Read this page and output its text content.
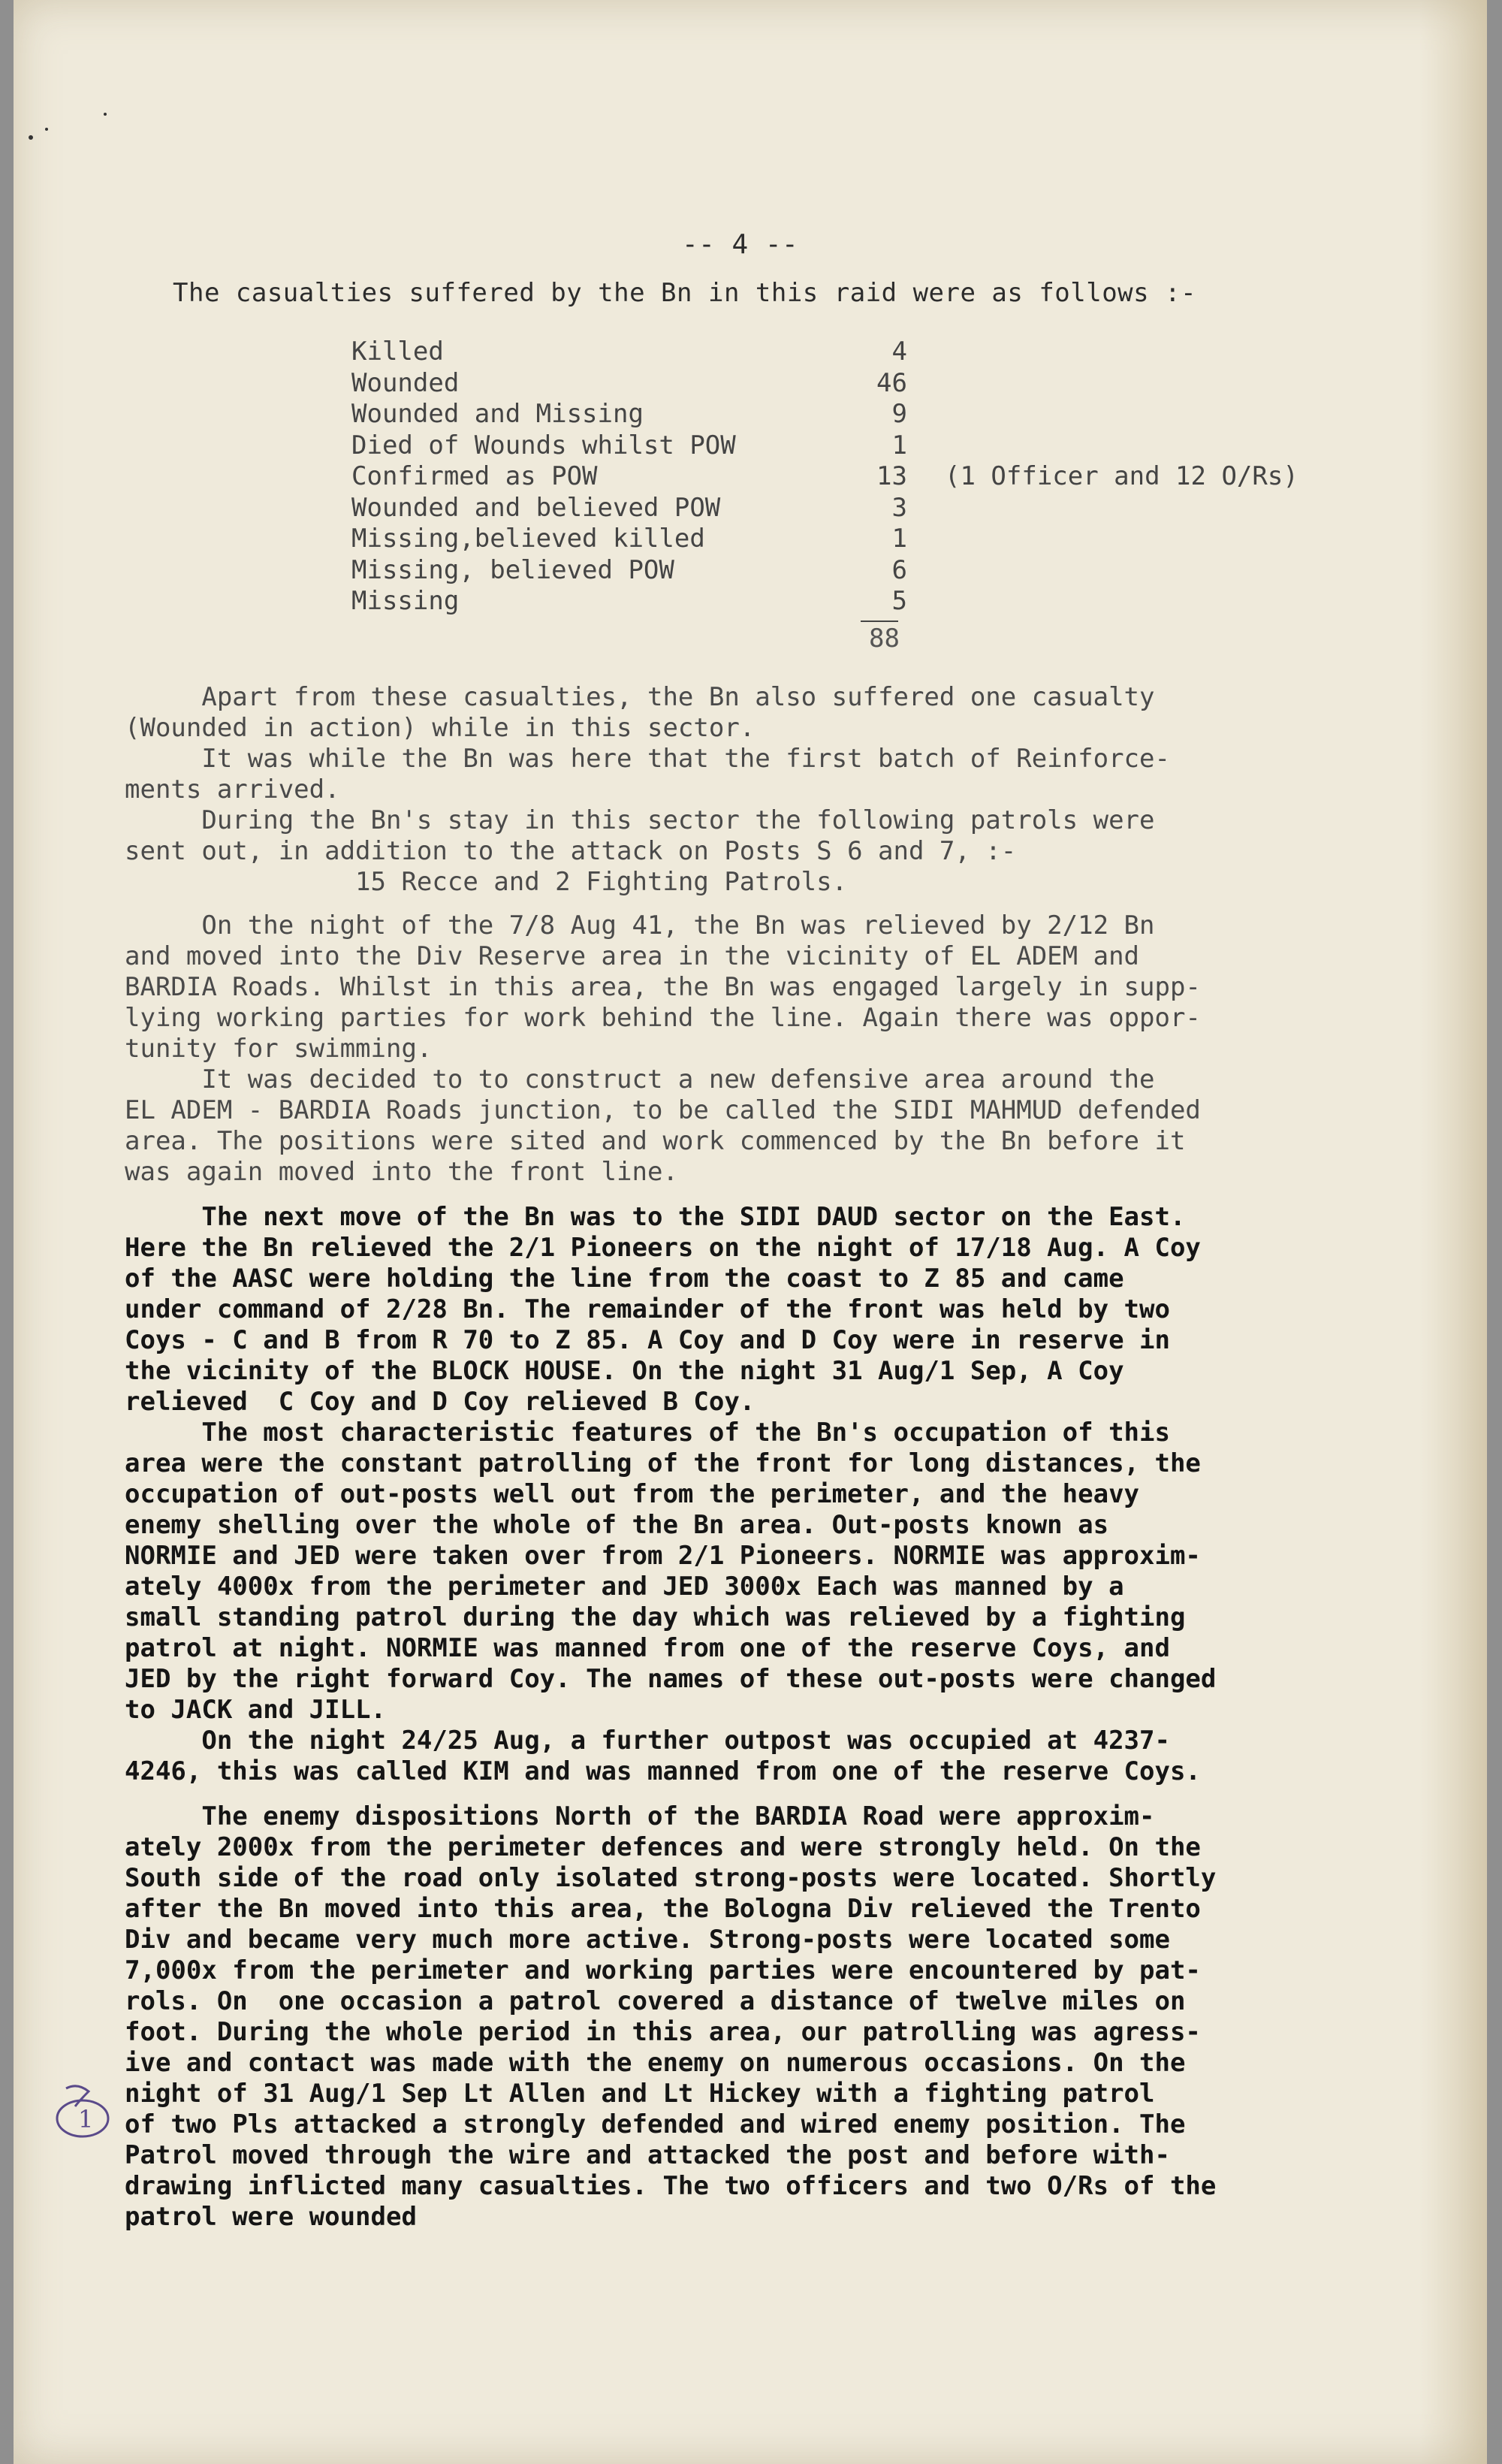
-- 4 --
The casualties suffered by the Bn in this raid were as follows :-
Killed	4
Wounded	46
Wounded and Missing	9
Died of Wounds whilst POW	1
Confirmed as POW	13 (1 Officer and 12 O/Rs)
Wounded and believed POW	3
Missing,believed killed	1
Missing, believed POW	6
Missing	5
88
Apart from these casualties, the Bn also suffered one casualty
(Wounded in action) while in this sector.
It was while the Bn was here that the first batch of Reinforce-
ments arrived.
During the Bn's stay in this sector the following patrols were
sent out, in addition to the attack on Posts S 6 and 7, :-
15 Recce and 2 Fighting Patrols.
On the night of the 7/8 Aug 41, the Bn was relieved by 2/12 Bn
and moved into the Div Reserve area in the vicinity of EL ADEM and
BARDIA Roads. Whilst in this area, the Bn was engaged largely in supp-
lying working parties for work behind the line. Again there was oppor-
tunity for swimming.
It was decided to to construct a new defensive area around the
EL ADEM - BARDIA Roads junction, to be called the SIDI MAHMUD defended
area. The positions were sited and work commenced by the Bn before it
was again moved into the front line.
The next move of the Bn was to the SIDI DAUD sector on the East.
Here the Bn relieved the 2/1 Pioneers on the night of 17/18 Aug. A Coy
of the AASC were holding the line from the coast to Z 85 and came
under command of 2/28 Bn. The remainder of the front was held by two
Coys - C and B from R 70 to Z 85. A Coy and D Coy were in reserve in
the vicinity of the BLOCK HOUSE. On the night 31 Aug/1 Sep, A Coy
relieved  C Coy and D Coy relieved B Coy.
The most characteristic features of the Bn's occupation of this
area were the constant patrolling of the front for long distances, the
occupation of out-posts well out from the perimeter, and the heavy
enemy shelling over the whole of the Bn area. Out-posts known as
NORMIE and JED were taken over from 2/1 Pioneers. NORMIE was approxim-
ately 4000x from the perimeter and JED 3000x Each was manned by a
small standing patrol during the day which was relieved by a fighting
patrol at night. NORMIE was manned from one of the reserve Coys, and
JED by the right forward Coy. The names of these out-posts were changed
to JACK and JILL.
On the night 24/25 Aug, a further outpost was occupied at 4237-
4246, this was called KIM and was manned from one of the reserve Coys.
The enemy dispositions North of the BARDIA Road were approxim-
ately 2000x from the perimeter defences and were strongly held. On the
South side of the road only isolated strong-posts were located. Shortly
after the Bn moved into this area, the Bologna Div relieved the Trento
Div and became very much more active. Strong-posts were located some
7,000x from the perimeter and working parties were encountered by pat-
rols. On  one occasion a patrol covered a distance of twelve miles on
foot. During the whole period in this area, our patrolling was agress-
ive and contact was made with the enemy on numerous occasions. On the
night of 31 Aug/1 Sep Lt Allen and Lt Hickey with a fighting patrol
of two Pls attacked a strongly defended and wired enemy position. The
Patrol moved through the wire and attacked the post and before with-
drawing inflicted many casualties. The two officers and two O/Rs of the
patrol were wounded
1
